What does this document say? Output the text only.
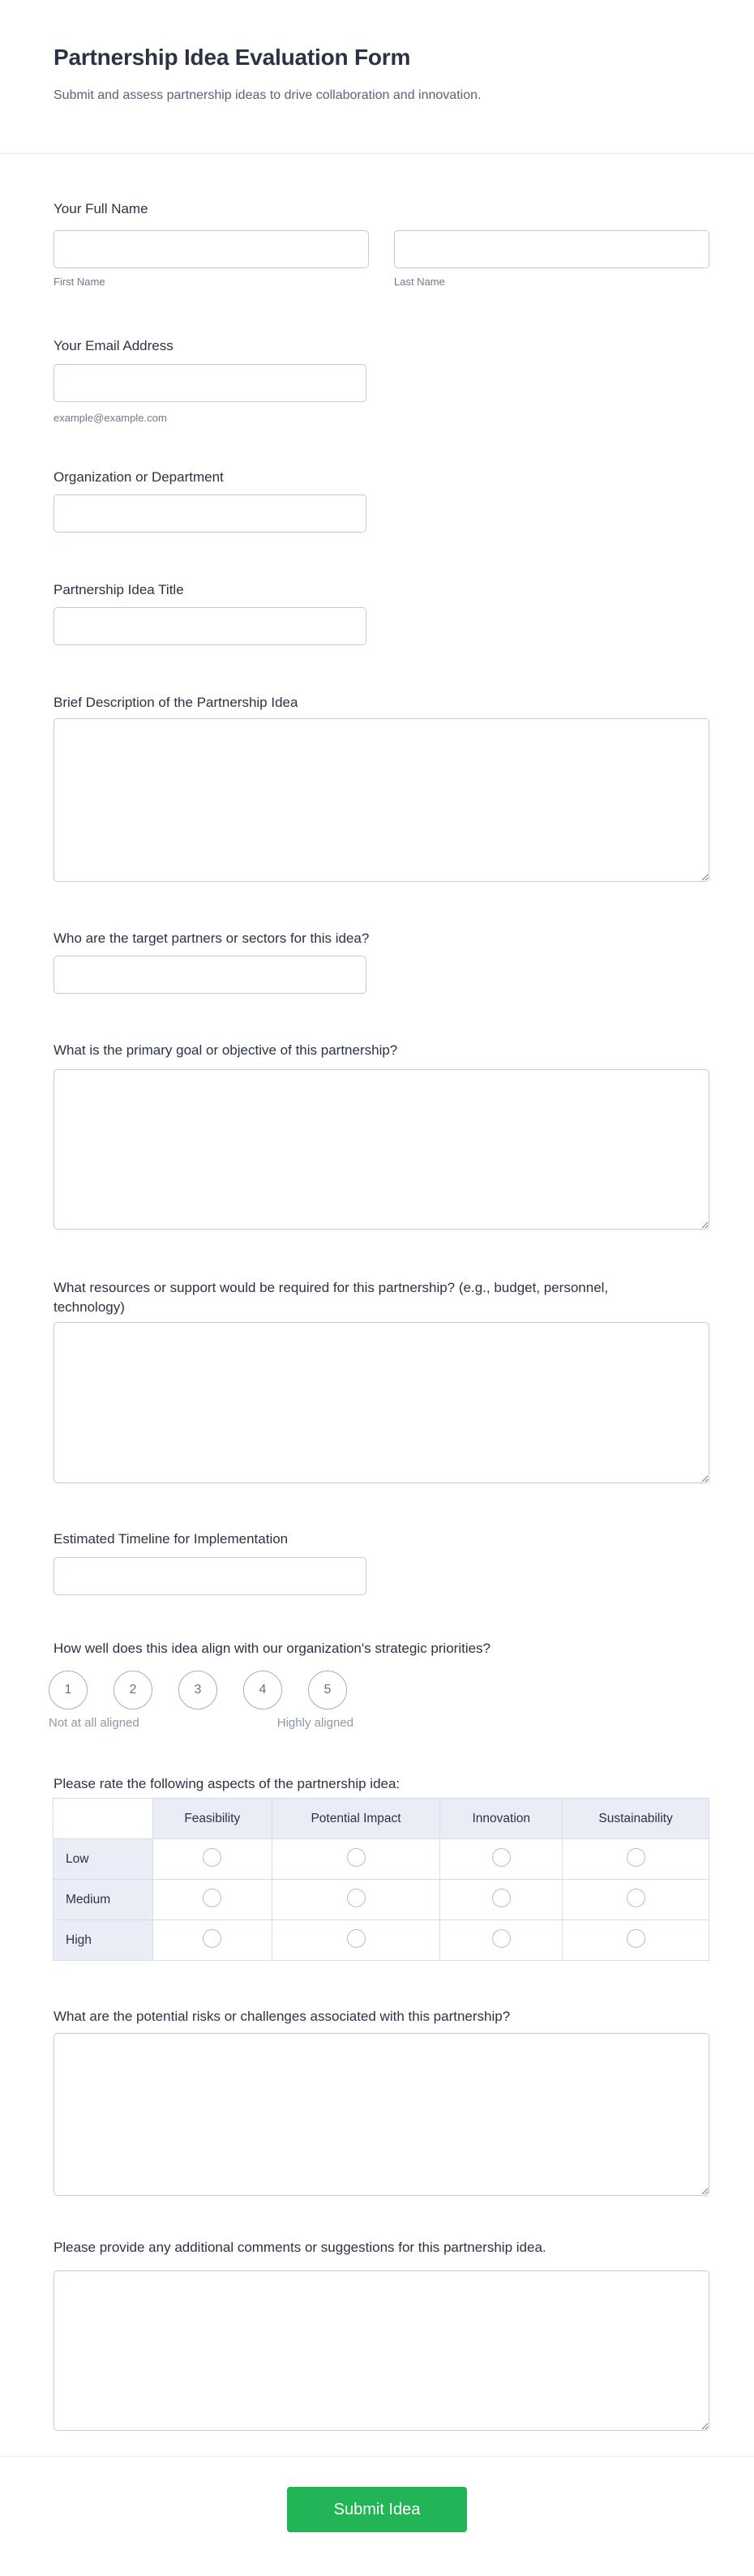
Partnership Idea Evaluation Form
Submit and assess partnership ideas to drive collaboration and innovation.
Your Full Name
First Name	Last Name
Your Email Address
example@example.com
Organization or Department
Partnership Idea Title
Brief Description of the Partnership Idea
Who are the target partners or sectors for this idea?
What is the primary goal or objective of this partnership?
What resources or support would be required for this partnership? (e.g., budget, personnel, technology)
Estimated Timeline for Implementation
How well does this idea align with our organization's strategic priorities?
1	2	3	4	5
Not at all aligned	Highly aligned
Please rate the following aspects of the partnership idea:
	Feasibility	Potential Impact	Innovation	Sustainability
Low				
Medium				
High				
What are the potential risks or challenges associated with this partnership?
Please provide any additional comments or suggestions for this partnership idea.
Submit Idea
